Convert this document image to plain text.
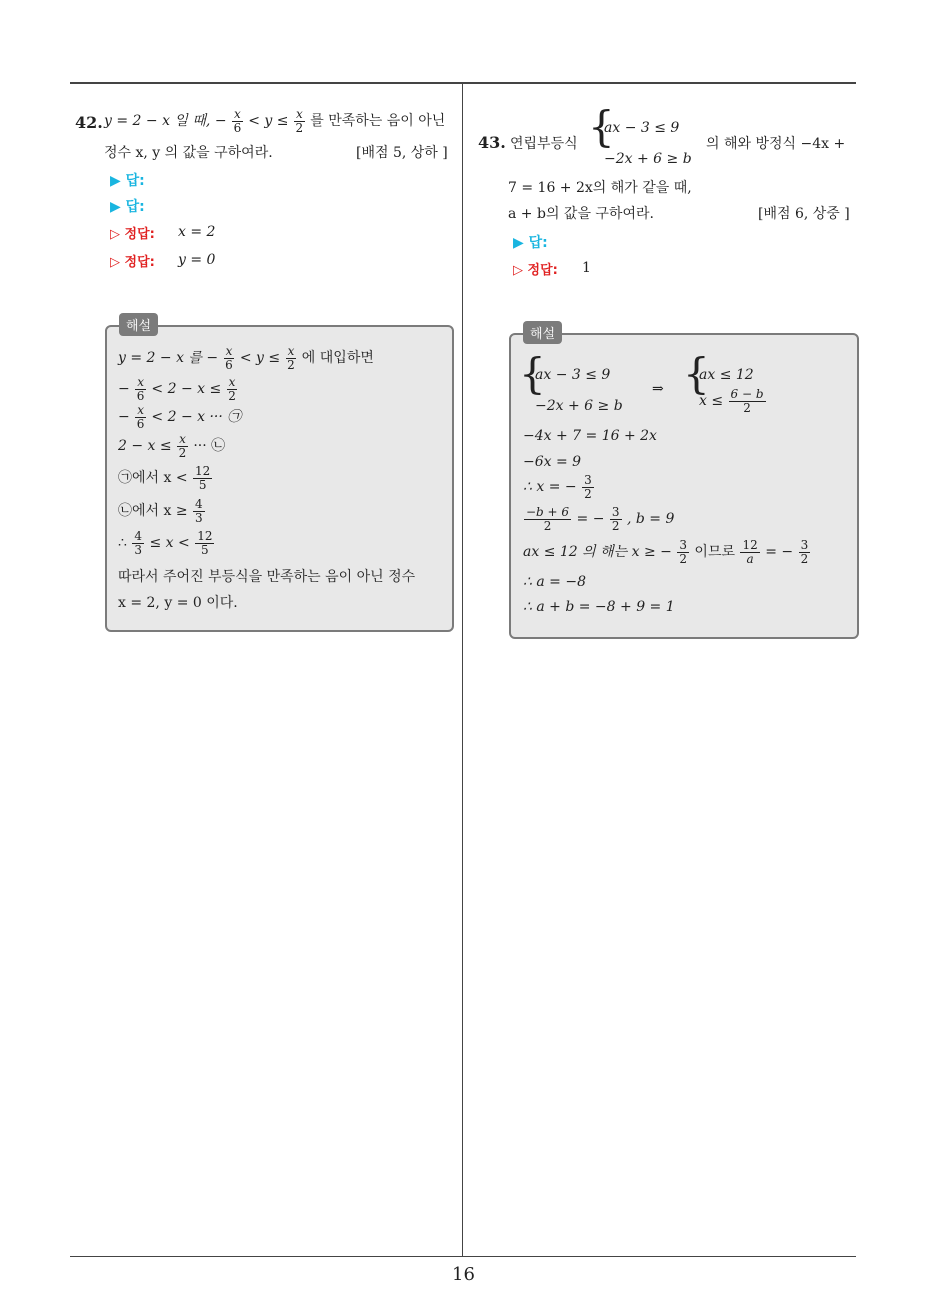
16
42. y = 2 − x 일 때, − $\frac{x}{6} < y \le \frac{x}{2}$ 를 만족하는 음이 아닌
정수 x, y 의 값을 구하여라.	[배점 5, 상하 ]
▶ 답:
▶ 답:
▷ 정답: x = 2
▷ 정답: y = 0
해설
y = 2 − x 를 − $\frac{x}{6} < y \le \frac{x}{2}$ 에 대입하면
− $\frac{x}{6} < 2 - x \le \frac{x}{2}$
− $\frac{x}{6} < 2 - x$ ··· ㉠
$2 - x \le \frac{x}{2}$ ··· ㉡
㉠에서 $x < \frac{12}{5}$
㉡에서 $x \ge \frac{4}{3}$
∴ $\frac{4}{3} \le x < \frac{12}{5}$
따라서 주어진 부등식을 만족하는 음이 아닌 정수
x = 2, y = 0 이다.
43. 연립부등식 {
ax − 3 ≤ 9
−2x + 6 ≥ b
의 해와 방정식 −4x +
7 = 16 + 2x의 해가 같을 때,
a + b의 값을 구하여라.	[배점 6, 상중 ]
▶ 답:
▷ 정답: 1
해설
{
ax − 3 ≤ 9
−2x + 6 ≥ b
⇒ {
ax ≤ 12
$x \le \frac{6 - b}{2}$
−4x + 7 = 16 + 2x
−6x = 9
∴ x = − $\frac{3}{2}$
$\frac{-b + 6}{2}$ = − $\frac{3}{2}$ , b = 9
ax ≤ 12 의 해는 x ≥ − $\frac{3}{2}$ 이므로 $\frac{12}{a}$ = − $\frac{3}{2}$
∴ a = −8
∴ a + b = −8 + 9 = 1
